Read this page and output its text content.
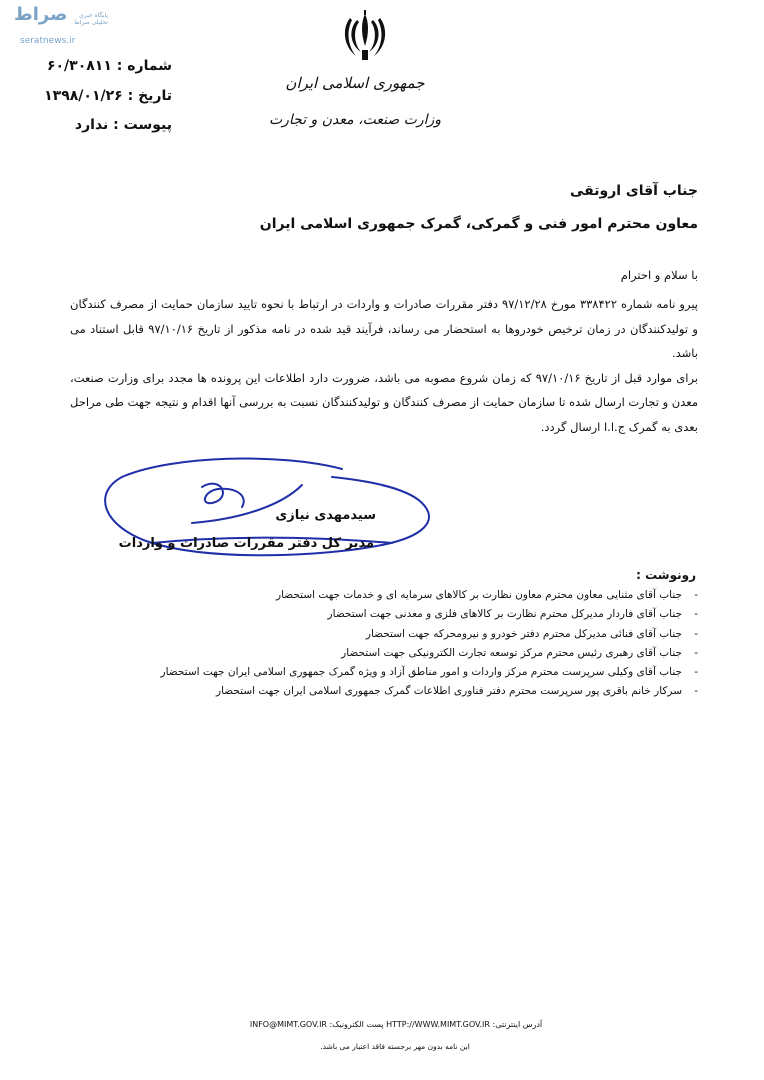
صراط	پایگاه خبری تحلیلی صراط
seratnews.ir
جمهوری اسلامی ایران
وزارت صنعت، معدن و تجارت
شماره : ۶۰/۳۰۸۱۱
تاریخ : ۱۳۹۸/۰۱/۲۶
پیوست : ندارد
جناب آقای اروتقی
معاون محترم امور فنی و گمرکی، گمرک جمهوری اسلامی ایران
با سلام و احترام

پیرو نامه شماره ۳۳۸۴۲۲ مورخ ۹۷/۱۲/۲۸ دفتر مقررات صادرات و واردات در ارتباط با نحوه تایید سازمان حمایت از مصرف کنندگان و تولیدکنندگان در زمان ترخیص خودروها به استحضار می رساند، فرآیند قید شده در نامه مذکور از تاریخ ۹۷/۱۰/۱۶ قابل استناد می باشد.

برای موارد قبل از تاریخ ۹۷/۱۰/۱۶ که زمان شروع مصوبه می باشد، ضرورت دارد اطلاعات این پرونده ها مجدد برای وزارت صنعت، معدن و تجارت ارسال شده تا سازمان حمایت از مصرف کنندگان و تولیدکنندگان نسبت به بررسی آنها اقدام و نتیجه جهت طی مراحل بعدی به گمرک ج.ا.ا ارسال گردد.

سیدمهدی نیازی
مدیر کل دفتر مقررات صادرات و واردات
رونوشت :
- جناب آقای مثنایی معاون محترم معاون نظارت بر کالاهای سرمایه ای و خدمات جهت استحضار
- جناب آقای فاردار مدیرکل محترم نظارت بر کالاهای فلزی و معدنی جهت استحضار
- جناب آقای فنائی مدیرکل محترم دفتر خودرو و نیرومحرکه جهت استحضار
- جناب آقای رهبری رئیس محترم مرکز توسعه تجارت الکترونیکی جهت استحضار
- جناب آقای وکیلی سرپرست محترم مرکز واردات و امور مناطق آزاد و ویژه گمرک جمهوری اسلامی ایران جهت استحضار
- سرکار خانم باقری پور سرپرست محترم دفتر فناوری اطلاعات گمرک جمهوری اسلامی ایران جهت استحضار
آدرس اینترنتی: HTTP://WWW.MIMT.GOV.IR پست الکترونیک: INFO@MIMT.GOV.IR
این نامه بدون مهر برجسته فاقد اعتبار می باشد.
